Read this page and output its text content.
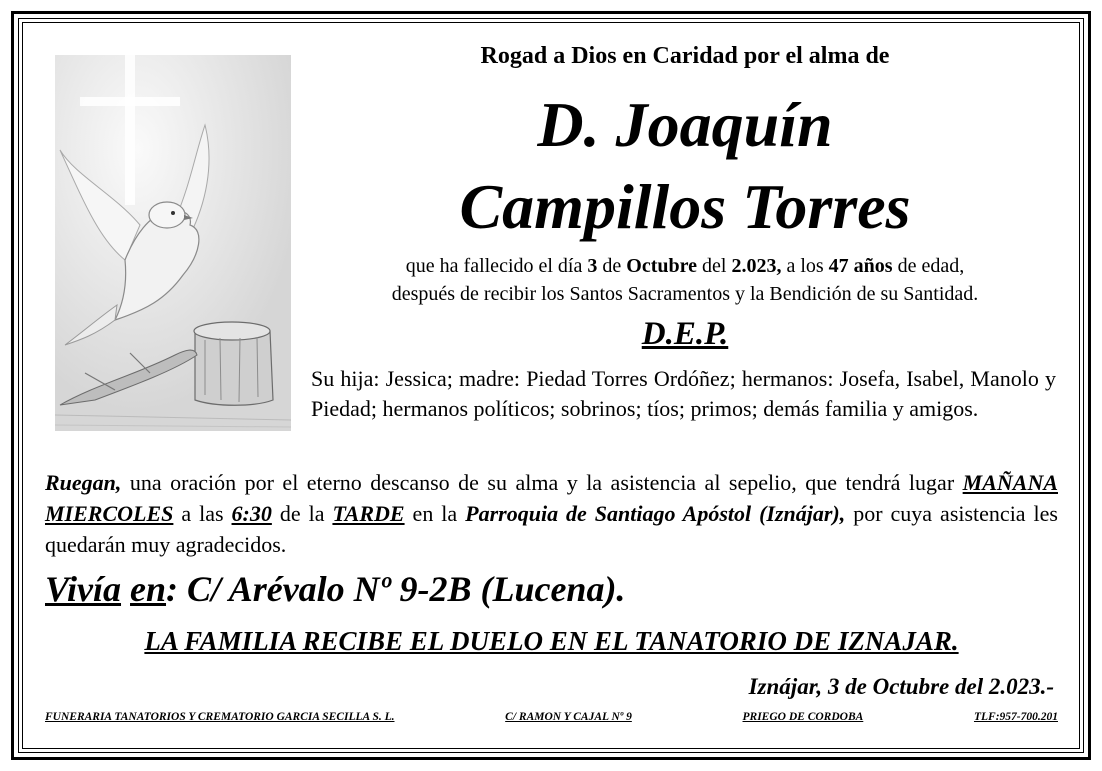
Rogad a Dios en Caridad por el alma de
D. Joaquín
Campillos Torres
que ha fallecido el día 3 de Octubre del 2.023, a los 47 años de edad,
después de recibir los Santos Sacramentos y la Bendición de su Santidad.
D.E.P.
Su hija: Jessica; madre: Piedad Torres Ordóñez; hermanos: Josefa, Isabel, Manolo y Piedad; hermanos políticos; sobrinos; tíos; primos; demás familia y amigos.
Ruegan, una oración por el eterno descanso de su alma y la asistencia al sepelio, que tendrá lugar MAÑANA MIERCOLES a las 6:30 de la TARDE en la Parroquia de Santiago Apóstol (Iznájar), por cuya asistencia les quedarán muy agradecidos.
Vivía en: C/ Arévalo Nº 9-2B (Lucena).
LA FAMILIA RECIBE EL DUELO EN EL TANATORIO DE IZNAJAR.
Iznájar, 3 de Octubre del 2.023.-
FUNERARIA TANATORIOS Y CREMATORIO GARCIA SECILLA S. L.	C/ RAMON Y CAJAL Nº 9	PRIEGO DE CORDOBA	TLF:957-700.201
